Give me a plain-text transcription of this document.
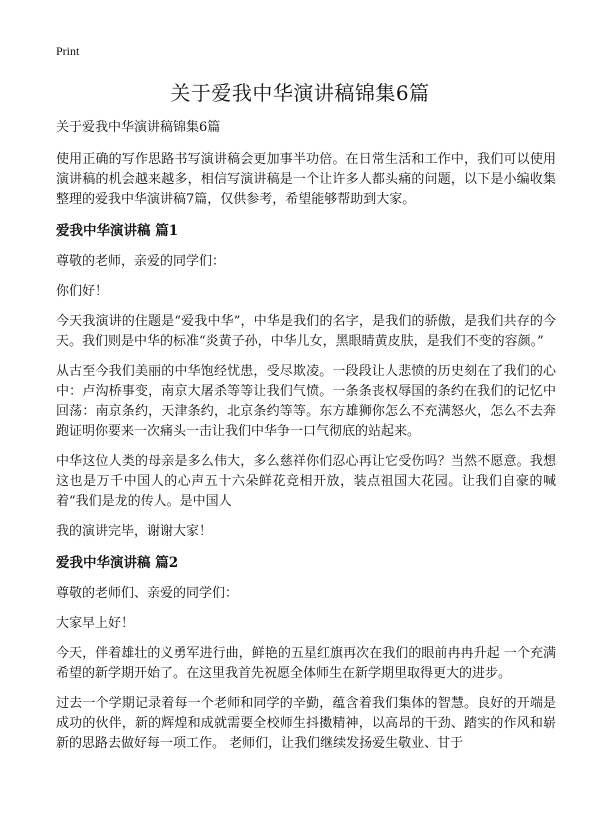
Print
关于爱我中华演讲稿锦集6篇

关于爱我中华演讲稿锦集6篇

使用正确的写作思路书写演讲稿会更加事半功倍。在日常生活和工作中，我们可以使用演讲稿的机会越来越多，相信写演讲稿是一个让许多人都头痛的问题，以下是小编收集整理的爱我中华演讲稿7篇，仅供参考，希望能够帮助到大家。

爱我中华演讲稿 篇1

尊敬的老师，亲爱的同学们：

你们好！

今天我演讲的住题是“爱我中华”，中华是我们的名字，是我们的骄傲，是我们共存的今天。我们则是中华的标准“炎黄子孙，中华儿女，黑眼睛黄皮肤，是我们不变的容颜。”

从古至今我们美丽的中华饱经忧患，受尽欺凌。一段段让人悲愤的历史刻在了我们的心中：卢沟桥事变，南京大屠杀等等让我们气愤。一条条丧权辱国的条约在我们的记忆中回荡：南京条约，天津条约，北京条约等等。东方雄狮你怎么不充满怒火，怎么不去奔跑证明你要来一次痛头一击让我们中华争一口气彻底的站起来。

中华这位人类的母亲是多么伟大，多么慈祥你们忍心再让它受伤吗？当然不愿意。我想这也是万千中国人的心声五十六朵鲜花竞相开放，装点祖国大花园。让我们自豪的喊着“我们是龙的传人。是中国人

我的演讲完毕，谢谢大家！

爱我中华演讲稿 篇2

尊敬的老师们、亲爱的同学们：

大家早上好！

今天，伴着雄壮的义勇军进行曲，鲜艳的五星红旗再次在我们的眼前冉冉升起 一个充满希望的新学期开始了。在这里我首先祝愿全体师生在新学期里取得更大的进步。

过去一个学期记录着每一个老师和同学的辛勤，蕴含着我们集体的智慧。良好的开端是成功的伙伴，新的辉煌和成就需要全校师生抖擞精神，以高昂的干劲、踏实的作风和崭新的思路去做好每一项工作。 老师们，让我们继续发扬爱生敬业、甘于
